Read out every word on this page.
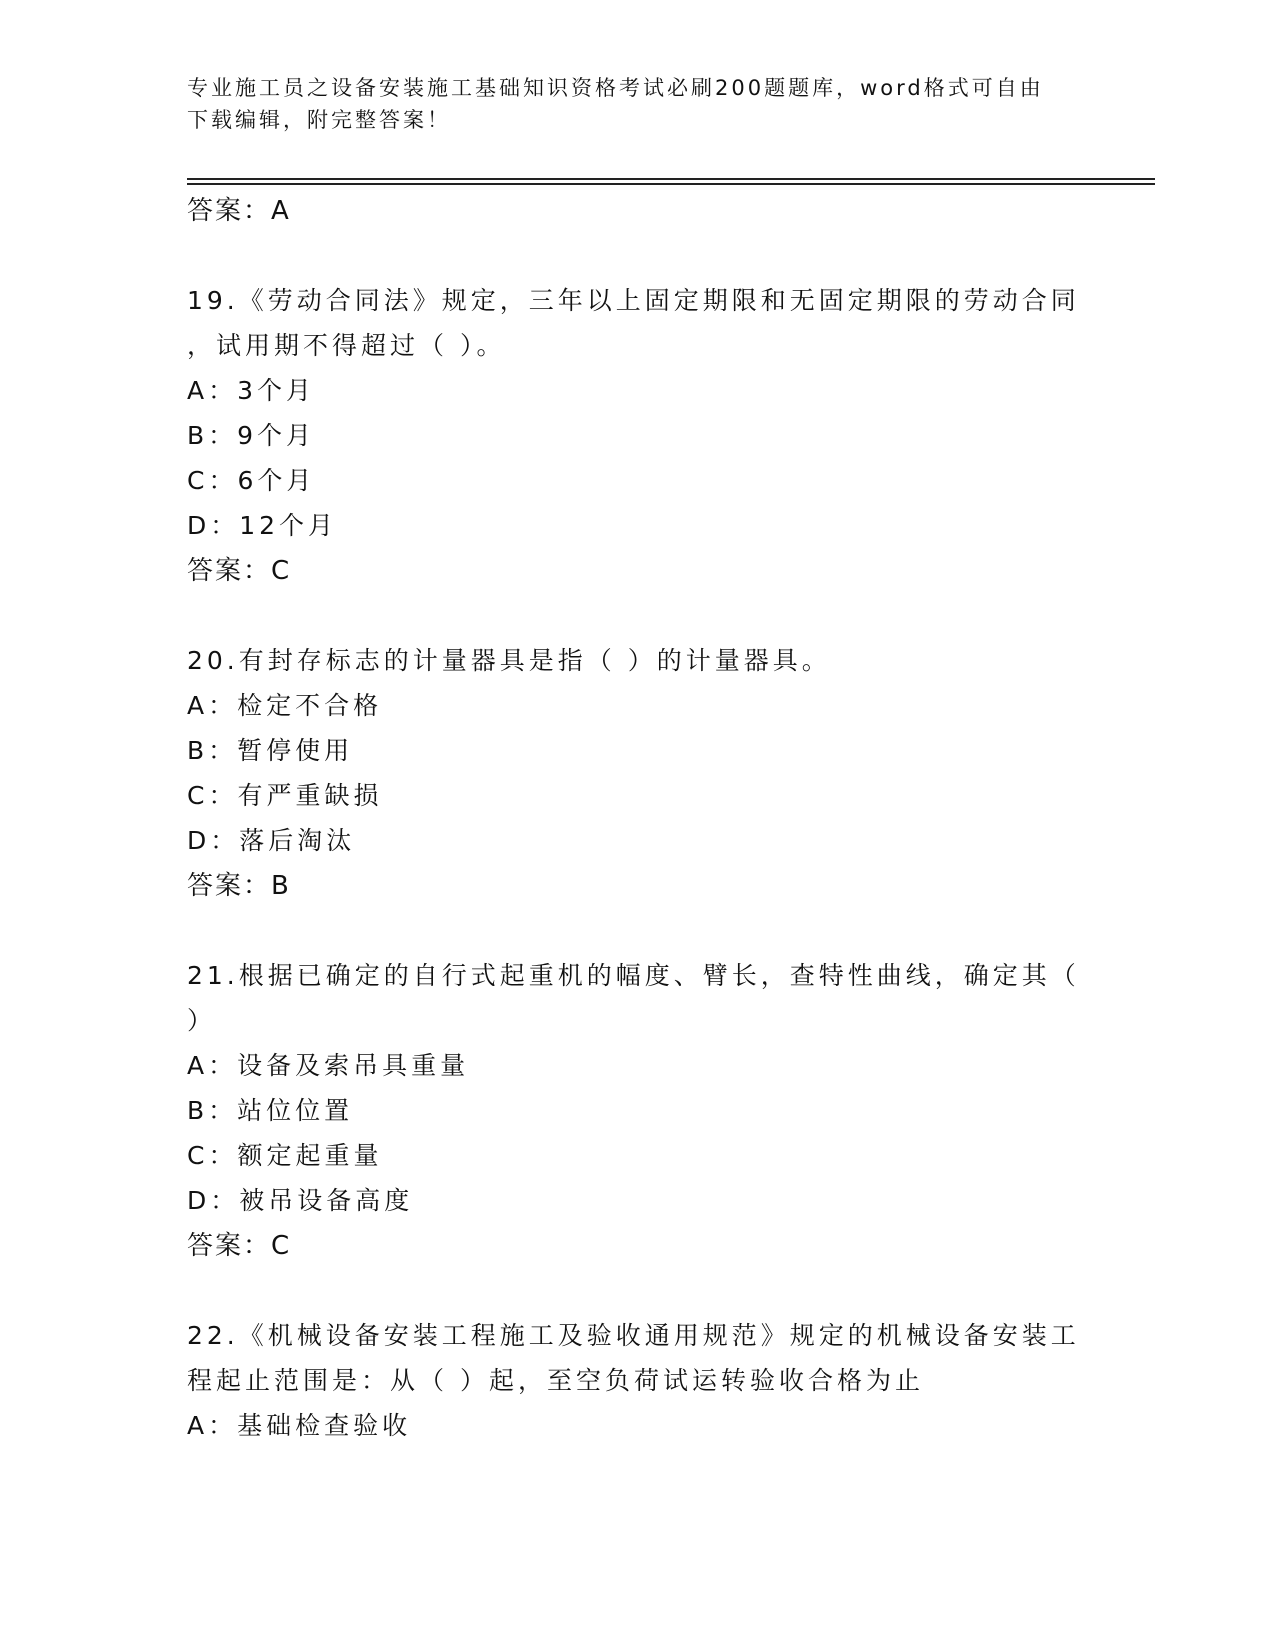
专业施工员之设备安装施工基础知识资格考试必刷200题题库，word格式可自由
下载编辑，附完整答案！
答案：A
19.《劳动合同法》规定，三年以上固定期限和无固定期限的劳动合同
，试用期不得超过（ ）。
A：3个月
B：9个月
C：6个月
D：12个月
答案：C
20.有封存标志的计量器具是指（ ）的计量器具。
A：检定不合格
B：暂停使用
C：有严重缺损
D：落后淘汰
答案：B
21.根据已确定的自行式起重机的幅度、臂长，查特性曲线，确定其（
）
A：设备及索吊具重量
B：站位位置
C：额定起重量
D：被吊设备高度
答案：C
22.《机械设备安装工程施工及验收通用规范》规定的机械设备安装工
程起止范围是：从（ ）起，至空负荷试运转验收合格为止
A：基础检查验收
